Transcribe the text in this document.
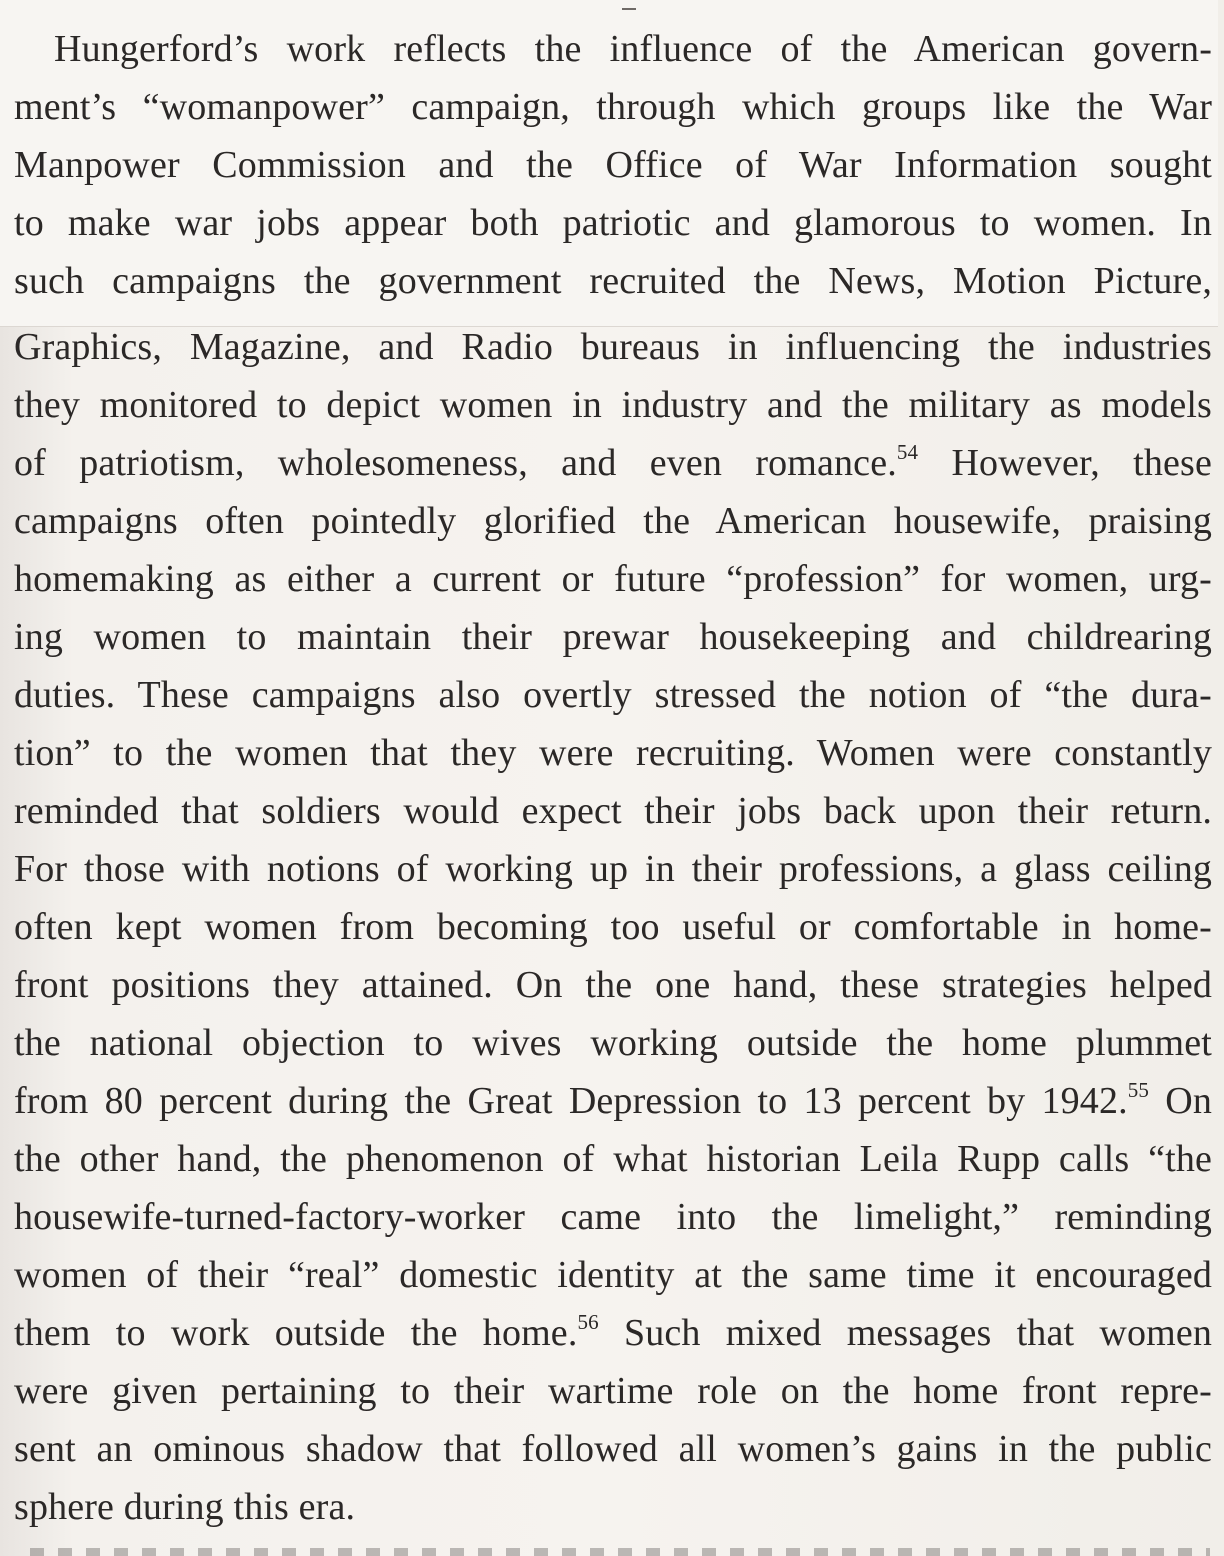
Hungerford’s work reflects the influence of the American govern-
ment’s “womanpower” campaign, through which groups like the War
Manpower Commission and the Office of War Information sought
to make war jobs appear both patriotic and glamorous to women. In
such campaigns the government recruited the News, Motion Picture,
Graphics, Magazine, and Radio bureaus in influencing the industries
they monitored to depict women in industry and the military as models
of patriotism, wholesomeness, and even romance.$^{54}$ However, these
campaigns often pointedly glorified the American housewife, praising
homemaking as either a current or future “profession” for women, urg-
ing women to maintain their prewar housekeeping and childrearing
duties. These campaigns also overtly stressed the notion of “the dura-
tion” to the women that they were recruiting. Women were constantly
reminded that soldiers would expect their jobs back upon their return.
For those with notions of working up in their professions, a glass ceiling
often kept women from becoming too useful or comfortable in home-
front positions they attained. On the one hand, these strategies helped
the national objection to wives working outside the home plummet
from 80 percent during the Great Depression to 13 percent by 1942.55 On
the other hand, the phenomenon of what historian Leila Rupp calls “the
housewife-turned-factory-worker came into the limelight,” reminding
women of their “real” domestic identity at the same time it encouraged
them to work outside the home.$^{56}$ Such mixed messages that women
were given pertaining to their wartime role on the home front repre-
sent an ominous shadow that followed all women’s gains in the public
sphere during this era.
